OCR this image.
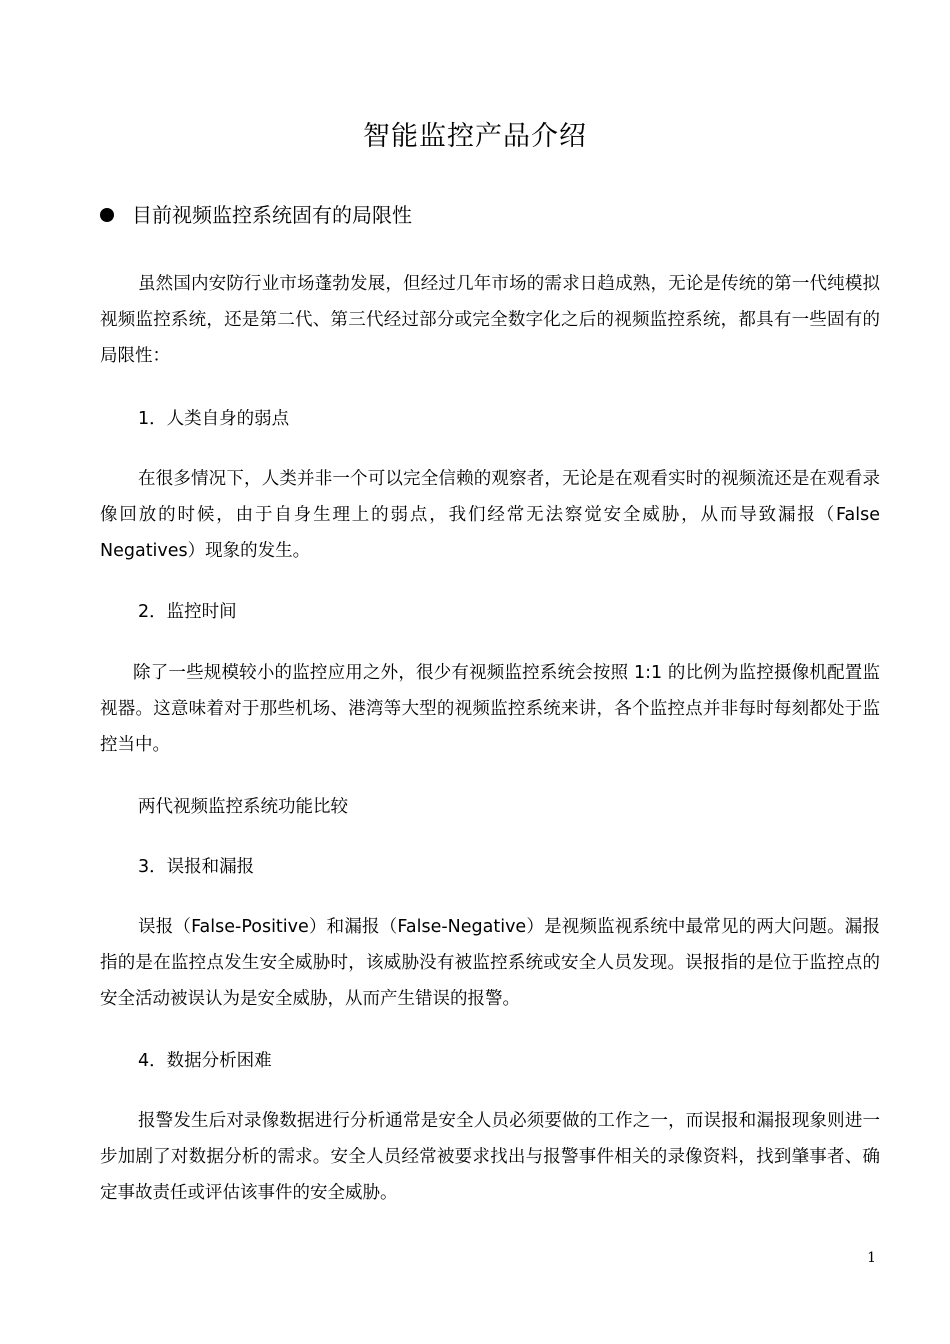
智能监控产品介绍
目前视频监控系统固有的局限性

虽然国内安防行业市场蓬勃发展，但经过几年市场的需求日趋成熟，无论是传统的第一代纯模拟视频监控系统，还是第二代、第三代经过部分或完全数字化之后的视频监控系统，都具有一些固有的局限性：

1．人类自身的弱点

在很多情况下，人类并非一个可以完全信赖的观察者，无论是在观看实时的视频流还是在观看录像回放的时候，由于自身生理上的弱点，我们经常无法察觉安全威胁，从而导致漏报（False Negatives）现象的发生。

2．监控时间

除了一些规模较小的监控应用之外，很少有视频监控系统会按照 1:1 的比例为监控摄像机配置监视器。这意味着对于那些机场、港湾等大型的视频监控系统来讲，各个监控点并非每时每刻都处于监控当中。

两代视频监控系统功能比较
3．误报和漏报

误报（False-Positive）和漏报（False-Negative）是视频监视系统中最常见的两大问题。漏报指的是在监控点发生安全威胁时，该威胁没有被监控系统或安全人员发现。误报指的是位于监控点的安全活动被误认为是安全威胁，从而产生错误的报警。

4．数据分析困难

报警发生后对录像数据进行分析通常是安全人员必须要做的工作之一，而误报和漏报现象则进一步加剧了对数据分析的需求。安全人员经常被要求找出与报警事件相关的录像资料，找到肇事者、确定事故责任或评估该事件的安全威胁。

1
